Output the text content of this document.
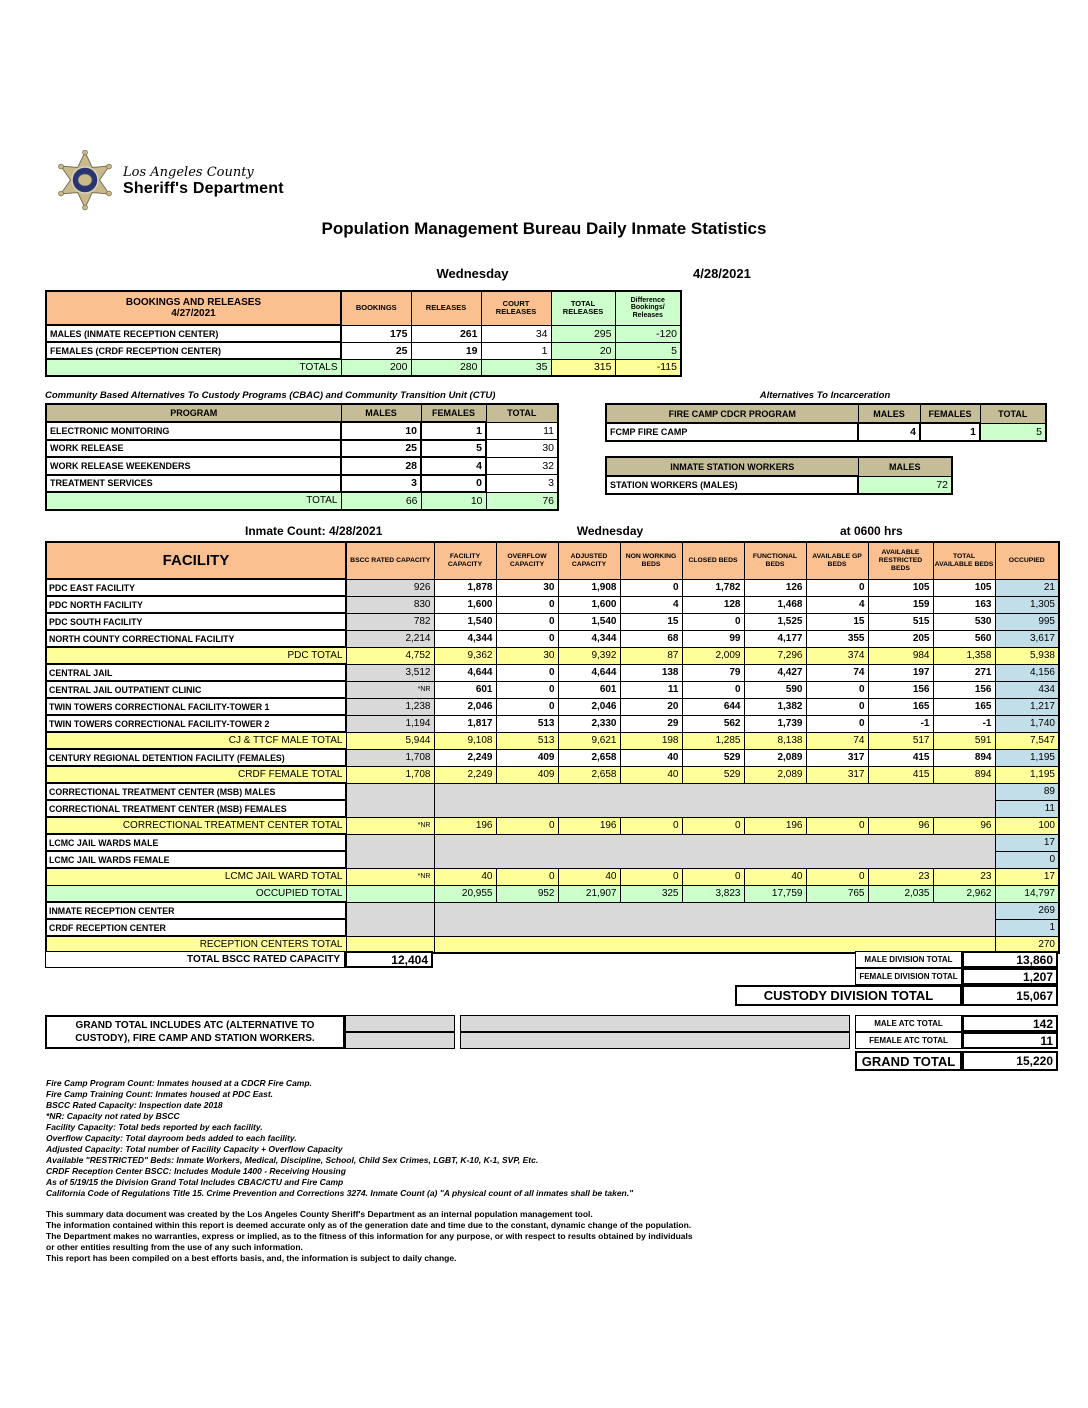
Los Angeles County
Sheriff's Department
Population Management Bureau Daily Inmate Statistics
Wednesday	4/28/2021
BOOKINGS AND RELEASES
4/27/2021	BOOKINGS	RELEASES	COURT RELEASES	TOTAL RELEASES	Difference Bookings/ Releases
MALES (INMATE RECEPTION CENTER)	175	261	34	295	-120
FEMALES (CRDF RECEPTION CENTER)	25	19	1	20	5
TOTALS	200	280	35	315	-115
Community Based Alternatives To Custody Programs (CBAC) and Community Transition Unit (CTU)
PROGRAM	MALES	FEMALES	TOTAL
ELECTRONIC MONITORING	10	1	11
WORK RELEASE	25	5	30
WORK RELEASE WEEKENDERS	28	4	32
TREATMENT SERVICES	3	0	3
TOTAL	66	10	76
Alternatives To Incarceration
FIRE CAMP CDCR PROGRAM	MALES	FEMALES	TOTAL
FCMP FIRE CAMP	4	1	5
INMATE STATION WORKERS	MALES
STATION WORKERS (MALES)	72
Inmate Count: 4/28/2021	Wednesday	at 0600 hrs
FACILITY	BSCC RATED CAPACITY	FACILITY CAPACITY	OVERFLOW CAPACITY	ADJUSTED CAPACITY	NON WORKING BEDS	CLOSED BEDS	FUNCTIONAL BEDS	AVAILABLE GP BEDS	AVAILABLE RESTRICTED BEDS	TOTAL AVAILABLE BEDS	OCCUPIED
PDC EAST FACILITY	926	1,878	30	1,908	0	1,782	126	0	105	105	21
PDC NORTH FACILITY	830	1,600	0	1,600	4	128	1,468	4	159	163	1,305
PDC SOUTH FACILITY	782	1,540	0	1,540	15	0	1,525	15	515	530	995
NORTH COUNTY CORRECTIONAL FACILITY	2,214	4,344	0	4,344	68	99	4,177	355	205	560	3,617
PDC TOTAL	4,752	9,362	30	9,392	87	2,009	7,296	374	984	1,358	5,938
CENTRAL JAIL	3,512	4,644	0	4,644	138	79	4,427	74	197	271	4,156
CENTRAL JAIL OUTPATIENT CLINIC	*NR	601	0	601	11	0	590	0	156	156	434
TWIN TOWERS CORRECTIONAL FACILITY-TOWER 1	1,238	2,046	0	2,046	20	644	1,382	0	165	165	1,217
TWIN TOWERS CORRECTIONAL FACILITY-TOWER 2	1,194	1,817	513	2,330	29	562	1,739	0	-1	-1	1,740
CJ & TTCF MALE TOTAL	5,944	9,108	513	9,621	198	1,285	8,138	74	517	591	7,547
CENTURY REGIONAL DETENTION FACILITY (FEMALES)	1,708	2,249	409	2,658	40	529	2,089	317	415	894	1,195
CRDF FEMALE TOTAL	1,708	2,249	409	2,658	40	529	2,089	317	415	894	1,195
CORRECTIONAL TREATMENT CENTER (MSB) MALES											89
CORRECTIONAL TREATMENT CENTER (MSB) FEMALES											11
CORRECTIONAL TREATMENT CENTER TOTAL	*NR	196	0	196	0	0	196	0	96	96	100
LCMC JAIL WARDS MALE											17
LCMC JAIL WARDS FEMALE											0
LCMC JAIL WARD TOTAL	*NR	40	0	40	0	0	40	0	23	23	17
OCCUPIED TOTAL		20,955	952	21,907	325	3,823	17,759	765	2,035	2,962	14,797
INMATE RECEPTION CENTER											269
CRDF RECEPTION CENTER											1
RECEPTION CENTERS TOTAL											270
TOTAL BSCC RATED CAPACITY	12,404	MALE DIVISION TOTAL	13,860
FEMALE DIVISION TOTAL	1,207
CUSTODY DIVISION TOTAL	15,067
GRAND TOTAL INCLUDES ATC (ALTERNATIVE TO
CUSTODY), FIRE CAMP AND STATION WORKERS.
MALE ATC TOTAL	142
FEMALE ATC TOTAL	11
GRAND TOTAL	15,220
Fire Camp Program Count: Inmates housed at a CDCR Fire Camp.
Fire Camp Training Count: Inmates housed at PDC East.
BSCC Rated Capacity: Inspection date 2018
*NR: Capacity not rated by BSCC
Facility Capacity: Total beds reported by each facility.
Overflow Capacity: Total dayroom beds added to each facility.
Adjusted Capacity: Total number of Facility Capacity + Overflow Capacity
Available "RESTRICTED" Beds: Inmate Workers, Medical, Discipline, School, Child Sex Crimes, LGBT, K-10, K-1, SVP, Etc.
CRDF Reception Center BSCC: Includes Module 1400 - Receiving Housing
As of 5/19/15 the Division Grand Total Includes CBAC/CTU and Fire Camp
California Code of Regulations Title 15. Crime Prevention and Corrections 3274. Inmate Count (a) "A physical count of all inmates shall be taken."
This summary data document was created by the Los Angeles County Sheriff's Department as an internal population management tool.
The information contained within this report is deemed accurate only as of the generation date and time due to the constant, dynamic change of the population.
The Department makes no warranties, express or implied, as to the fitness of this information for any purpose, or with respect to results obtained by individuals
or other entities resulting from the use of any such information.
This report has been compiled on a best efforts basis, and, the information is subject to daily change.
